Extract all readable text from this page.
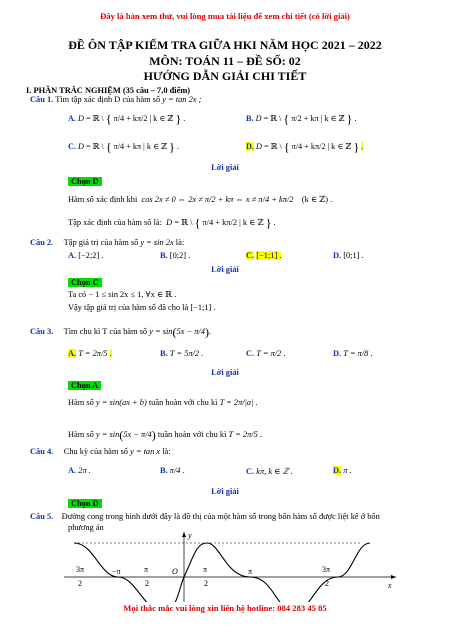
Đây là bản xem thử, vui lòng mua tài liệu để xem chi tiết (có lời giải)
ĐỀ ÔN TẬP KIỂM TRA GIỮA HKI NĂM HỌC 2021 – 2022
MÔN: TOÁN 11 – ĐỀ SỐ: 02
HƯỚNG DẪN GIẢI CHI TIẾT
I. PHẦN TRẮC NGHIỆM (35 câu – 7,0 điểm)
Câu 1. Tìm tập xác định D của hàm số y = tan 2x ;
A. D = ℝ \ { π/4 + kπ/2 | k ∈ ℤ } .	B. D = ℝ \ { π/2 + kπ | k ∈ ℤ } .
C. D = ℝ \ { π/4 + kπ | k ∈ ℤ } .	D. D = ℝ \ { π/4 + kπ/2 | k ∈ ℤ } .
Lời giải
Chọn D
Hàm số xác định khi cos 2x ≠ 0 ⇔ 2x ≠ π/2 + kπ ⇔ x ≠ π/4 + kπ/2    (k ∈ ℤ) .
Tập xác định của hàm số là: D = ℝ \ { π/4 + kπ/2 | k ∈ ℤ } .
Câu 2. Tập giá trị của hàm số y = sin 2x là:
A. [−2;2] .	B. [0;2] .	C. [−1;1] .	D. [0;1] .
Lời giải
Chọn C
Ta có − 1 ≤ sin 2x ≤ 1, ∀x ∈ ℝ .
Vậy tập giá trị của hàm số đã cho là [−1;1] .
Câu 3. Tìm chu kì T của hàm số y = sin(5x − π/4).
A. T = 2π/5 .	B. T = 5π/2 .	C. T = π/2 .	D. T = π/8 .
Lời giải
Chọn A
Hàm số y = sin(ax + b) tuần hoàn với chu kì T = 2π/|a| .
Hàm số y = sin(5x − π/4) tuần hoàn với chu kì T = 2π/5 .
Câu 4. Chu kỳ của hàm số y = tan x là:
A. 2π .	B. π/4 .	C. kπ, k ∈ ℤ .	D. π .
Lời giải
Chọn D
Câu 5. Đường cong trong hình dưới đây là đồ thị của một hàm số trong bốn hàm số được liệt kê ở bốn
phương án
3π
2
−π	π
2
O	π
2
π	3π
2	x
y
Mọi thắc mắc vui lòng xin liên hệ hotline: 084 283 45 85
